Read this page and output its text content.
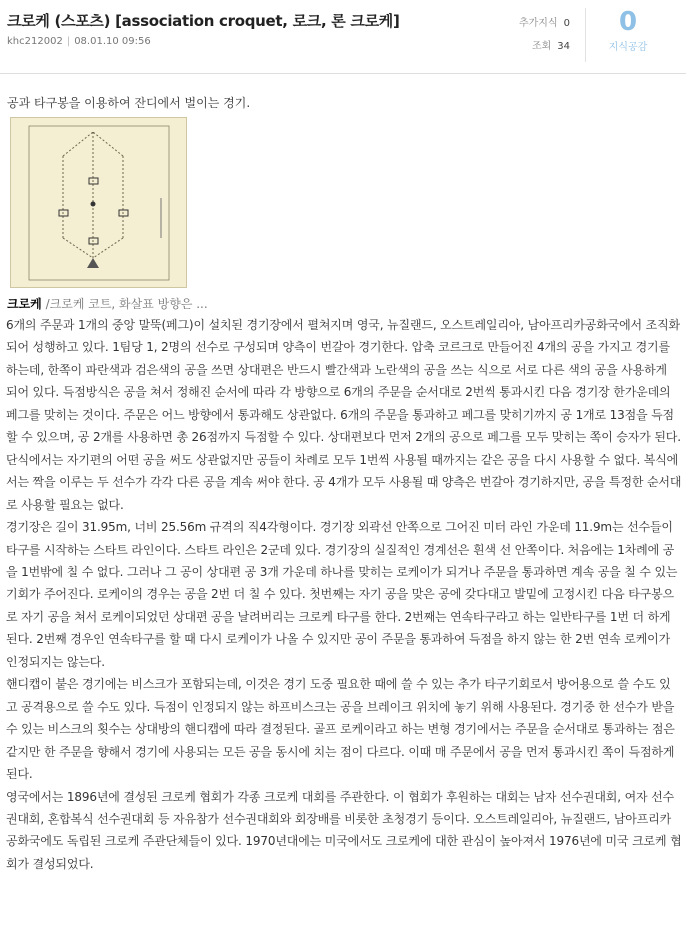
크로케 (스포츠) [association croquet, 로크, 론 크로케]
khc212002 | 08.01.10 09:56
추가지식 0
조회 34
0
지식공감
공과 타구봉을 이용하여 잔디에서 벌이는 경기.
크로케 /크로케 코트, 화살표 방향은 ...

6개의 주문과 1개의 중앙 말뚝(페그)이 설치된 경기장에서 펼쳐지며 영국, 뉴질랜드, 오스트레일리아, 남아프리카공화국에서 조직화되어 성행하고 있다. 1팀당 1, 2명의 선수로 구성되며 양측이 번갈아 경기한다. 압축 코르크로 만들어진 4개의 공을 가지고 경기를 하는데, 한쪽이 파란색과 검은색의 공을 쓰면 상대편은 반드시 빨간색과 노란색의 공을 쓰는 식으로 서로 다른 색의 공을 사용하게 되어 있다. 득점방식은 공을 쳐서 정해진 순서에 따라 각 방향으로 6개의 주문을 순서대로 2번씩 통과시킨 다음 경기장 한가운데의 페그를 맞히는 것이다. 주문은 어느 방향에서 통과해도 상관없다. 6개의 주문을 통과하고 페그를 맞히기까지 공 1개로 13점을 득점할 수 있으며, 공 2개를 사용하면 총 26점까지 득점할 수 있다. 상대편보다 먼저 2개의 공으로 페그를 모두 맞히는 쪽이 승자가 된다. 단식에서는 자기편의 어떤 공을 써도 상관없지만 공들이 차례로 모두 1번씩 사용될 때까지는 같은 공을 다시 사용할 수 없다. 복식에서는 짝을 이루는 두 선수가 각각 다른 공을 계속 써야 한다. 공 4개가 모두 사용될 때 양측은 번갈아 경기하지만, 공을 특정한 순서대로 사용할 필요는 없다.

경기장은 길이 31.95m, 너비 25.56m 규격의 직4각형이다. 경기장 외곽선 안쪽으로 그어진 미터 라인 가운데 11.9m는 선수들이 타구를 시작하는 스타트 라인이다. 스타트 라인은 2군데 있다. 경기장의 실질적인 경계선은 흰색 선 안쪽이다. 처음에는 1차례에 공을 1번밖에 칠 수 없다. 그러나 그 공이 상대편 공 3개 가운데 하나를 맞히는 로케이가 되거나 주문을 통과하면 계속 공을 칠 수 있는 기회가 주어진다. 로케이의 경우는 공을 2번 더 칠 수 있다. 첫번째는 자기 공을 맞은 공에 갖다대고 발밑에 고정시킨 다음 타구봉으로 자기 공을 쳐서 로케이되었던 상대편 공을 날려버리는 크로케 타구를 한다. 2번째는 연속타구라고 하는 일반타구를 1번 더 하게 된다. 2번째 경우인 연속타구를 할 때 다시 로케이가 나올 수 있지만 공이 주문을 통과하여 득점을 하지 않는 한 2번 연속 로케이가 인정되지는 않는다.

핸디캡이 붙은 경기에는 비스크가 포함되는데, 이것은 경기 도중 필요한 때에 쓸 수 있는 추가 타구기회로서 방어용으로 쓸 수도 있고 공격용으로 쓸 수도 있다. 득점이 인정되지 않는 하프비스크는 공을 브레이크 위치에 놓기 위해 사용된다. 경기중 한 선수가 받을 수 있는 비스크의 횟수는 상대방의 핸디캡에 따라 결정된다. 골프 로케이라고 하는 변형 경기에서는 주문을 순서대로 통과하는 점은 같지만 한 주문을 향해서 경기에 사용되는 모든 공을 동시에 치는 점이 다르다. 이때 매 주문에서 공을 먼저 통과시킨 쪽이 득점하게 된다.

영국에서는 1896년에 결성된 크로케 협회가 각종 크로케 대회를 주관한다. 이 협회가 후원하는 대회는 남자 선수권대회, 여자 선수권대회, 혼합복식 선수권대회 등 자유참가 선수권대회와 회장배를 비롯한 초청경기 등이다. 오스트레일리아, 뉴질랜드, 남아프리카 공화국에도 독립된 크로케 주관단체들이 있다. 1970년대에는 미국에서도 크로케에 대한 관심이 높아져서 1976년에 미국 크로케 협회가 결성되었다.
